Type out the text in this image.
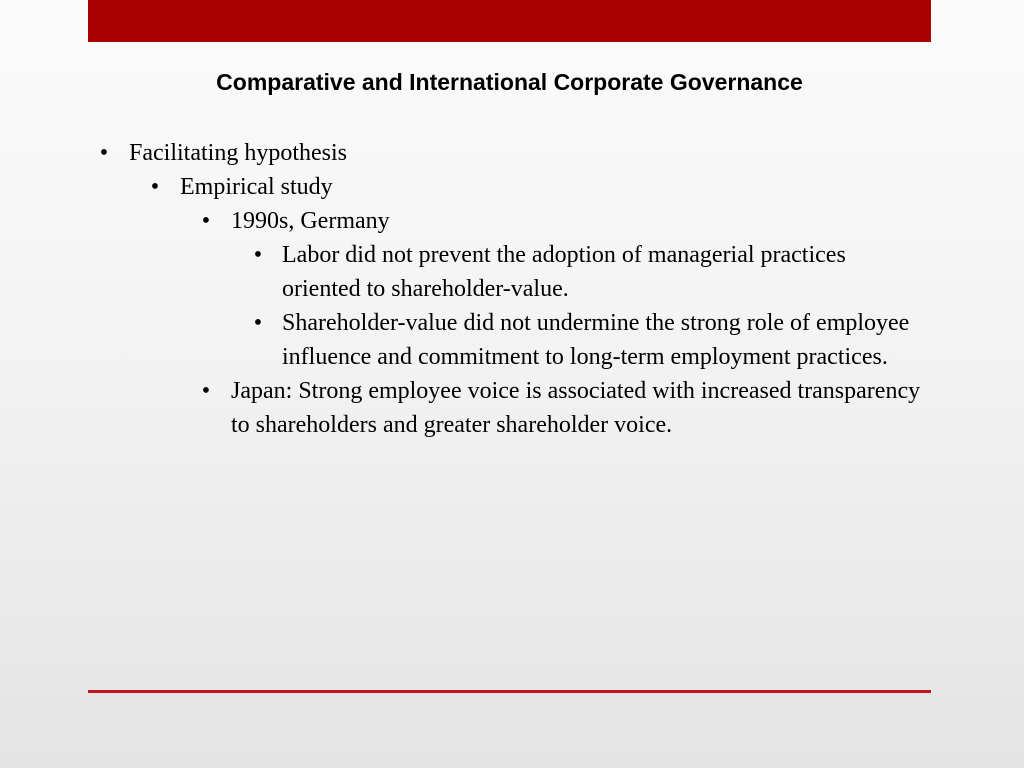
Comparative and International Corporate Governance
• Facilitating hypothesis
• Empirical study
• 1990s, Germany
• Labor did not prevent the adoption of managerial practices oriented to shareholder-value.
• Shareholder-value did not undermine the strong role of employee influence and commitment to long-term employment practices.
• Japan: Strong employee voice is associated with increased transparency to shareholders and greater shareholder voice.
